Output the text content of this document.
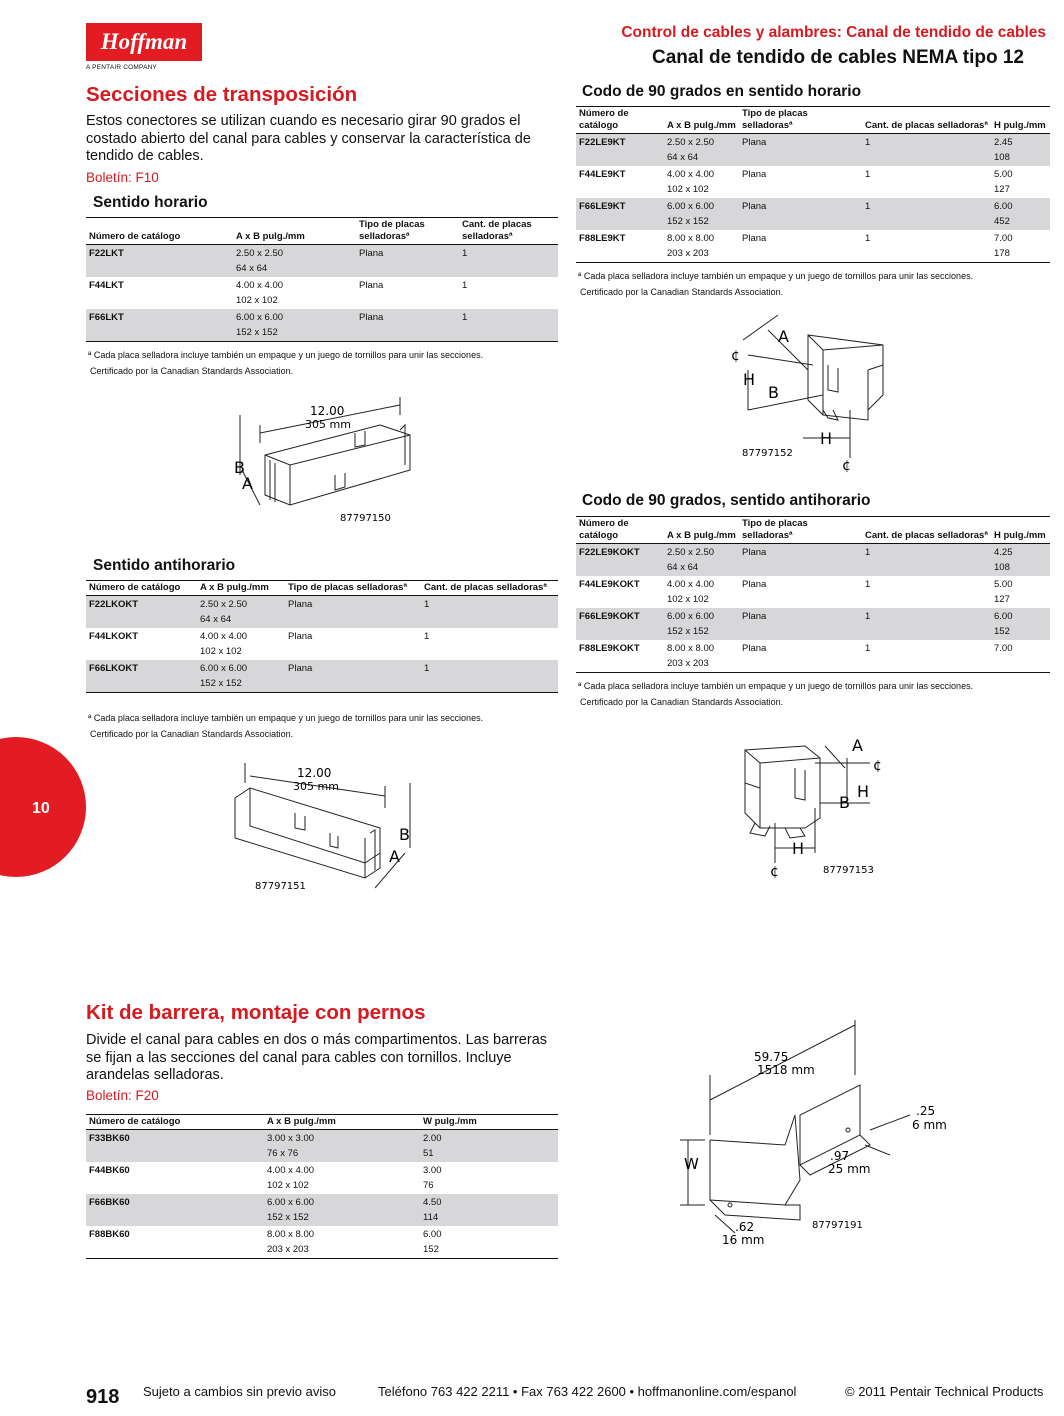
Hoffman
A PENTAIR COMPANY
Control de cables y alambres: Canal de tendido de cables
Canal de tendido de cables NEMA tipo 12
Secciones de transposición
Estos conectores se utilizan cuando es necesario girar 90 grados el costado abierto del canal para cables y conservar la característica de tendido de cables.
Boletín: F10
Sentido horario
Número de catálogo	A x B pulg./mm	Tipo de placas selladorasª	Cant. de placas selladorasª
F22LKT	2.50 x 2.50
64 x 64	Plana	1
F44LKT	4.00 x 4.00
102 x 102	Plana	1
F66LKT	6.00 x 6.00
152 x 152	Plana	1
ª Cada placa selladora incluye también un empaque y un juego de tornillos para unir las secciones.
Certificado por la Canadian Standards Association.
12.00
305 mm
B
A
87797150
Sentido antihorario
Número de catálogo	A x B pulg./mm	Tipo de placas selladorasª	Cant. de placas selladorasª
F22LKOKT	2.50 x 2.50
64 x 64	Plana	1
F44LKOKT	4.00 x 4.00
102 x 102	Plana	1
F66LKOKT	6.00 x 6.00
152 x 152	Plana	1
ª Cada placa selladora incluye también un empaque y un juego de tornillos para unir las secciones.
Certificado por la Canadian Standards Association.
12.00
305 mm
B
A
87797151
Codo de 90 grados en sentido horario
Número de catálogo	A x B pulg./mm	Tipo de placas selladorasª	Cant. de placas selladorasª	H pulg./mm
F22LE9KT	2.50 x 2.50
64 x 64	Plana	1	2.45
108
F44LE9KT	4.00 x 4.00
102 x 102	Plana	1	5.00
127
F66LE9KT	6.00 x 6.00
152 x 152	Plana	1	6.00
452
F88LE9KT	8.00 x 8.00
203 x 203	Plana	1	7.00
178
ª Cada placa selladora incluye también un empaque y un juego de tornillos para unir las secciones.
Certificado por la Canadian Standards Association.
A
¢
H
B
H
87797152
¢
Codo de 90 grados, sentido antihorario
Número de catálogo	A x B pulg./mm	Tipo de placas selladorasª	Cant. de placas selladorasª	H pulg./mm
F22LE9KOKT	2.50 x 2.50
64 x 64	Plana	1	4.25
108
F44LE9KOKT	4.00 x 4.00
102 x 102	Plana	1	5.00
127
F66LE9KOKT	6.00 x 6.00
152 x 152	Plana	1	6.00
152
F88LE9KOKT	8.00 x 8.00
203 x 203	Plana	1	7.00

ª Cada placa selladora incluye también un empaque y un juego de tornillos para unir las secciones.
Certificado por la Canadian Standards Association.
A
¢
B
H
H
¢	87797153
10
Kit de barrera, montaje con pernos
Divide el canal para cables en dos o más compartimentos. Las barreras se fijan a las secciones del canal para cables con tornillos. Incluye arandelas selladoras.
Boletín: F20
Número de catálogo	A x B pulg./mm	W pulg./mm
F33BK60	3.00 x 3.00
76 x 76	2.00
51
F44BK60	4.00 x 4.00
102 x 102	3.00
76
F66BK60	6.00 x 6.00
152 x 152	4.50
114
F88BK60	8.00 x 8.00
203 x 203	6.00
152
59.75
1518 mm
.25
6 mm
.97
25 mm
W
.62
16 mm
87797191
918 Sujeto a cambios sin previo aviso	Teléfono 763 422 2211 • Fax 763 422 2600 • hoffmanonline.com/espanol	© 2011 Pentair Technical Products
